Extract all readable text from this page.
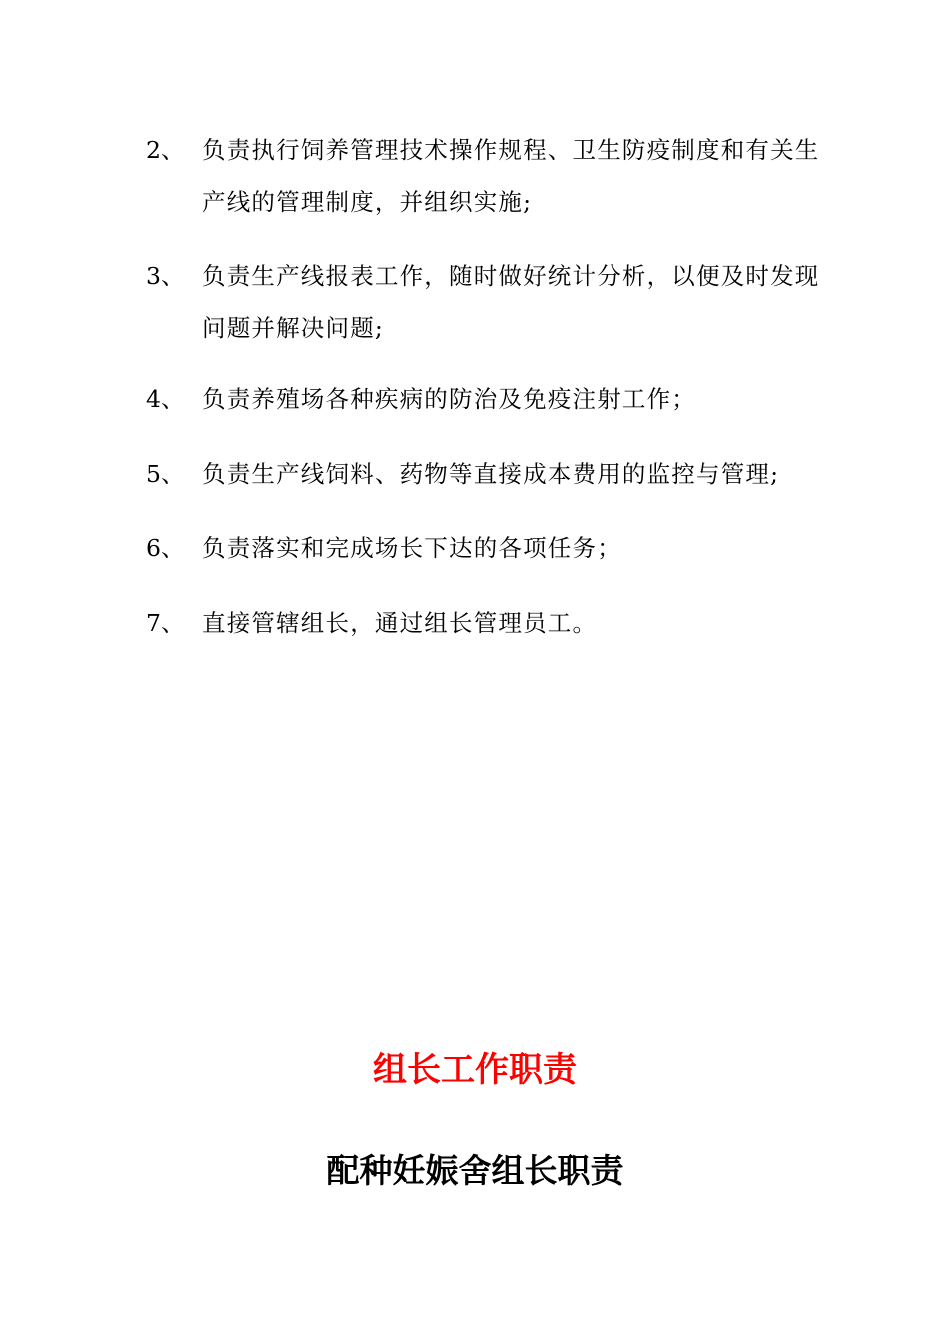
2、 负责执行饲养管理技术操作规程、卫生防疫制度和有关生产线的管理制度，并组织实施;
3、 负责生产线报表工作，随时做好统计分析，以便及时发现问题并解决问题;
4、 负责养殖场各种疾病的防治及免疫注射工作；
5、 负责生产线饲料、药物等直接成本费用的监控与管理;
6、 负责落实和完成场长下达的各项任务；
7、 直接管辖组长，通过组长管理员工。
组长工作职责
配种妊娠舍组长职责
